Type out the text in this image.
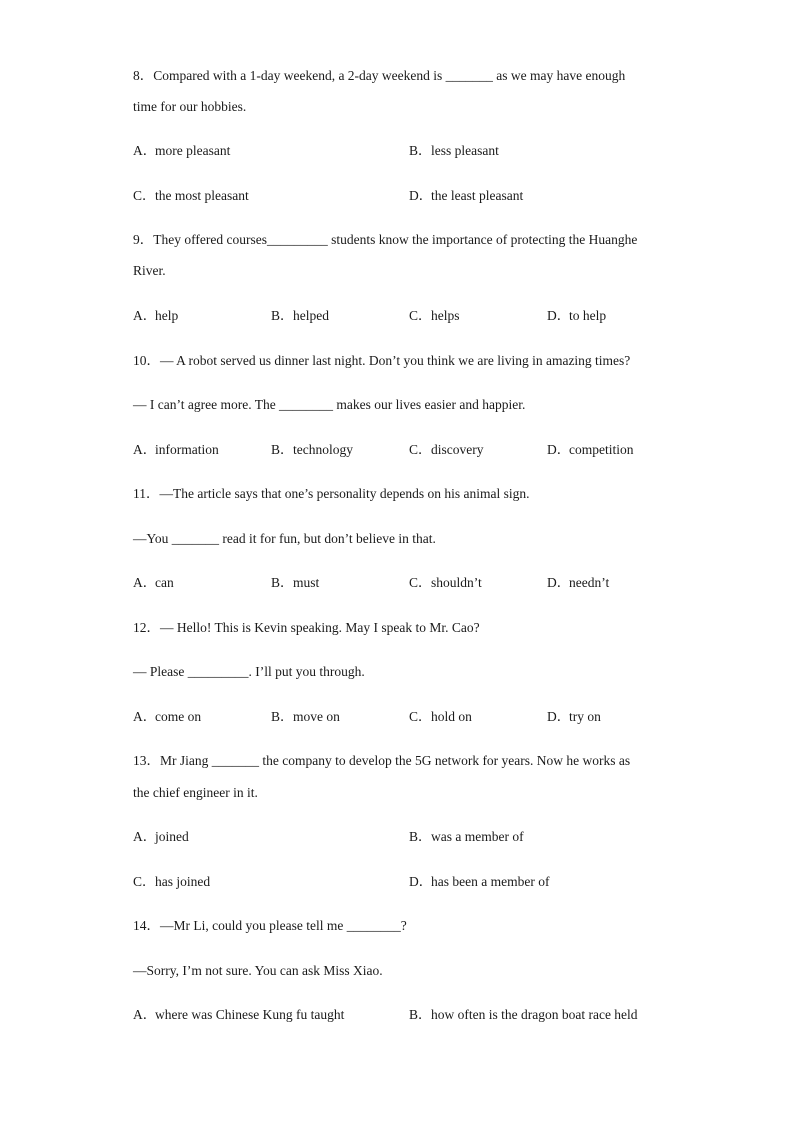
8．Compared with a 1-day weekend, a 2-day weekend is _______ as we may have enough
time for our hobbies.
A．more pleasant	B．less pleasant
C．the most pleasant	D．the least pleasant
9．They offered courses_________ students know the importance of protecting the Huanghe
River.
A．help	B．helped	C．helps	D．to help
10．— A robot served us dinner last night. Don’t you think we are living in amazing times?
— I can’t agree more. The ________ makes our lives easier and happier.
A．information	B．technology	C．discovery	D．competition
11．—The article says that one’s personality depends on his animal sign.
—You _______ read it for fun, but don’t believe in that.
A．can	B．must	C．shouldn’t	D．needn’t
12．— Hello! This is Kevin speaking. May I speak to Mr. Cao?
— Please _________. I’ll put you through.
A．come on	B．move on	C．hold on	D．try on
13．Mr Jiang _______ the company to develop the 5G network for years. Now he works as
the chief engineer in it.
A．joined	B．was a member of
C．has joined	D．has been a member of
14．—Mr Li, could you please tell me ________?
—Sorry, I’m not sure. You can ask Miss Xiao.
A．where was Chinese Kung fu taught	B．how often is the dragon boat race held
